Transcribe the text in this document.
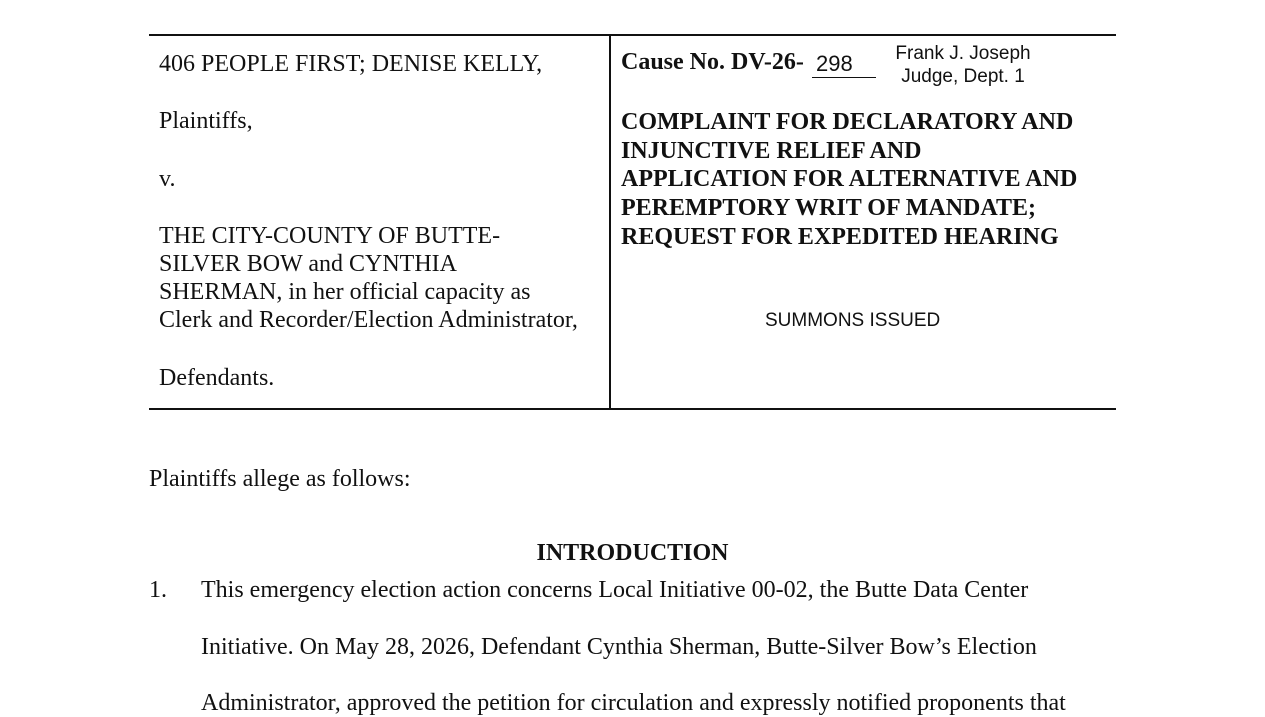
406 PEOPLE FIRST; DENISE KELLY,
Plaintiffs,
v.
THE CITY-COUNTY OF BUTTE-
SILVER BOW and CYNTHIA
SHERMAN, in her official capacity as
Clerk and Recorder/Election Administrator,
Defendants.
Cause No. DV-26- 298	Frank J. Joseph
Judge, Dept. 1
COMPLAINT FOR DECLARATORY AND
INJUNCTIVE RELIEF AND
APPLICATION FOR ALTERNATIVE AND
PEREMPTORY WRIT OF MANDATE;
REQUEST FOR EXPEDITED HEARING
SUMMONS ISSUED
Plaintiffs allege as follows:
INTRODUCTION
1. This emergency election action concerns Local Initiative 00-02, the Butte Data Center
Initiative. On May 28, 2026, Defendant Cynthia Sherman, Butte-Silver Bow’s Election
Administrator, approved the petition for circulation and expressly notified proponents that
